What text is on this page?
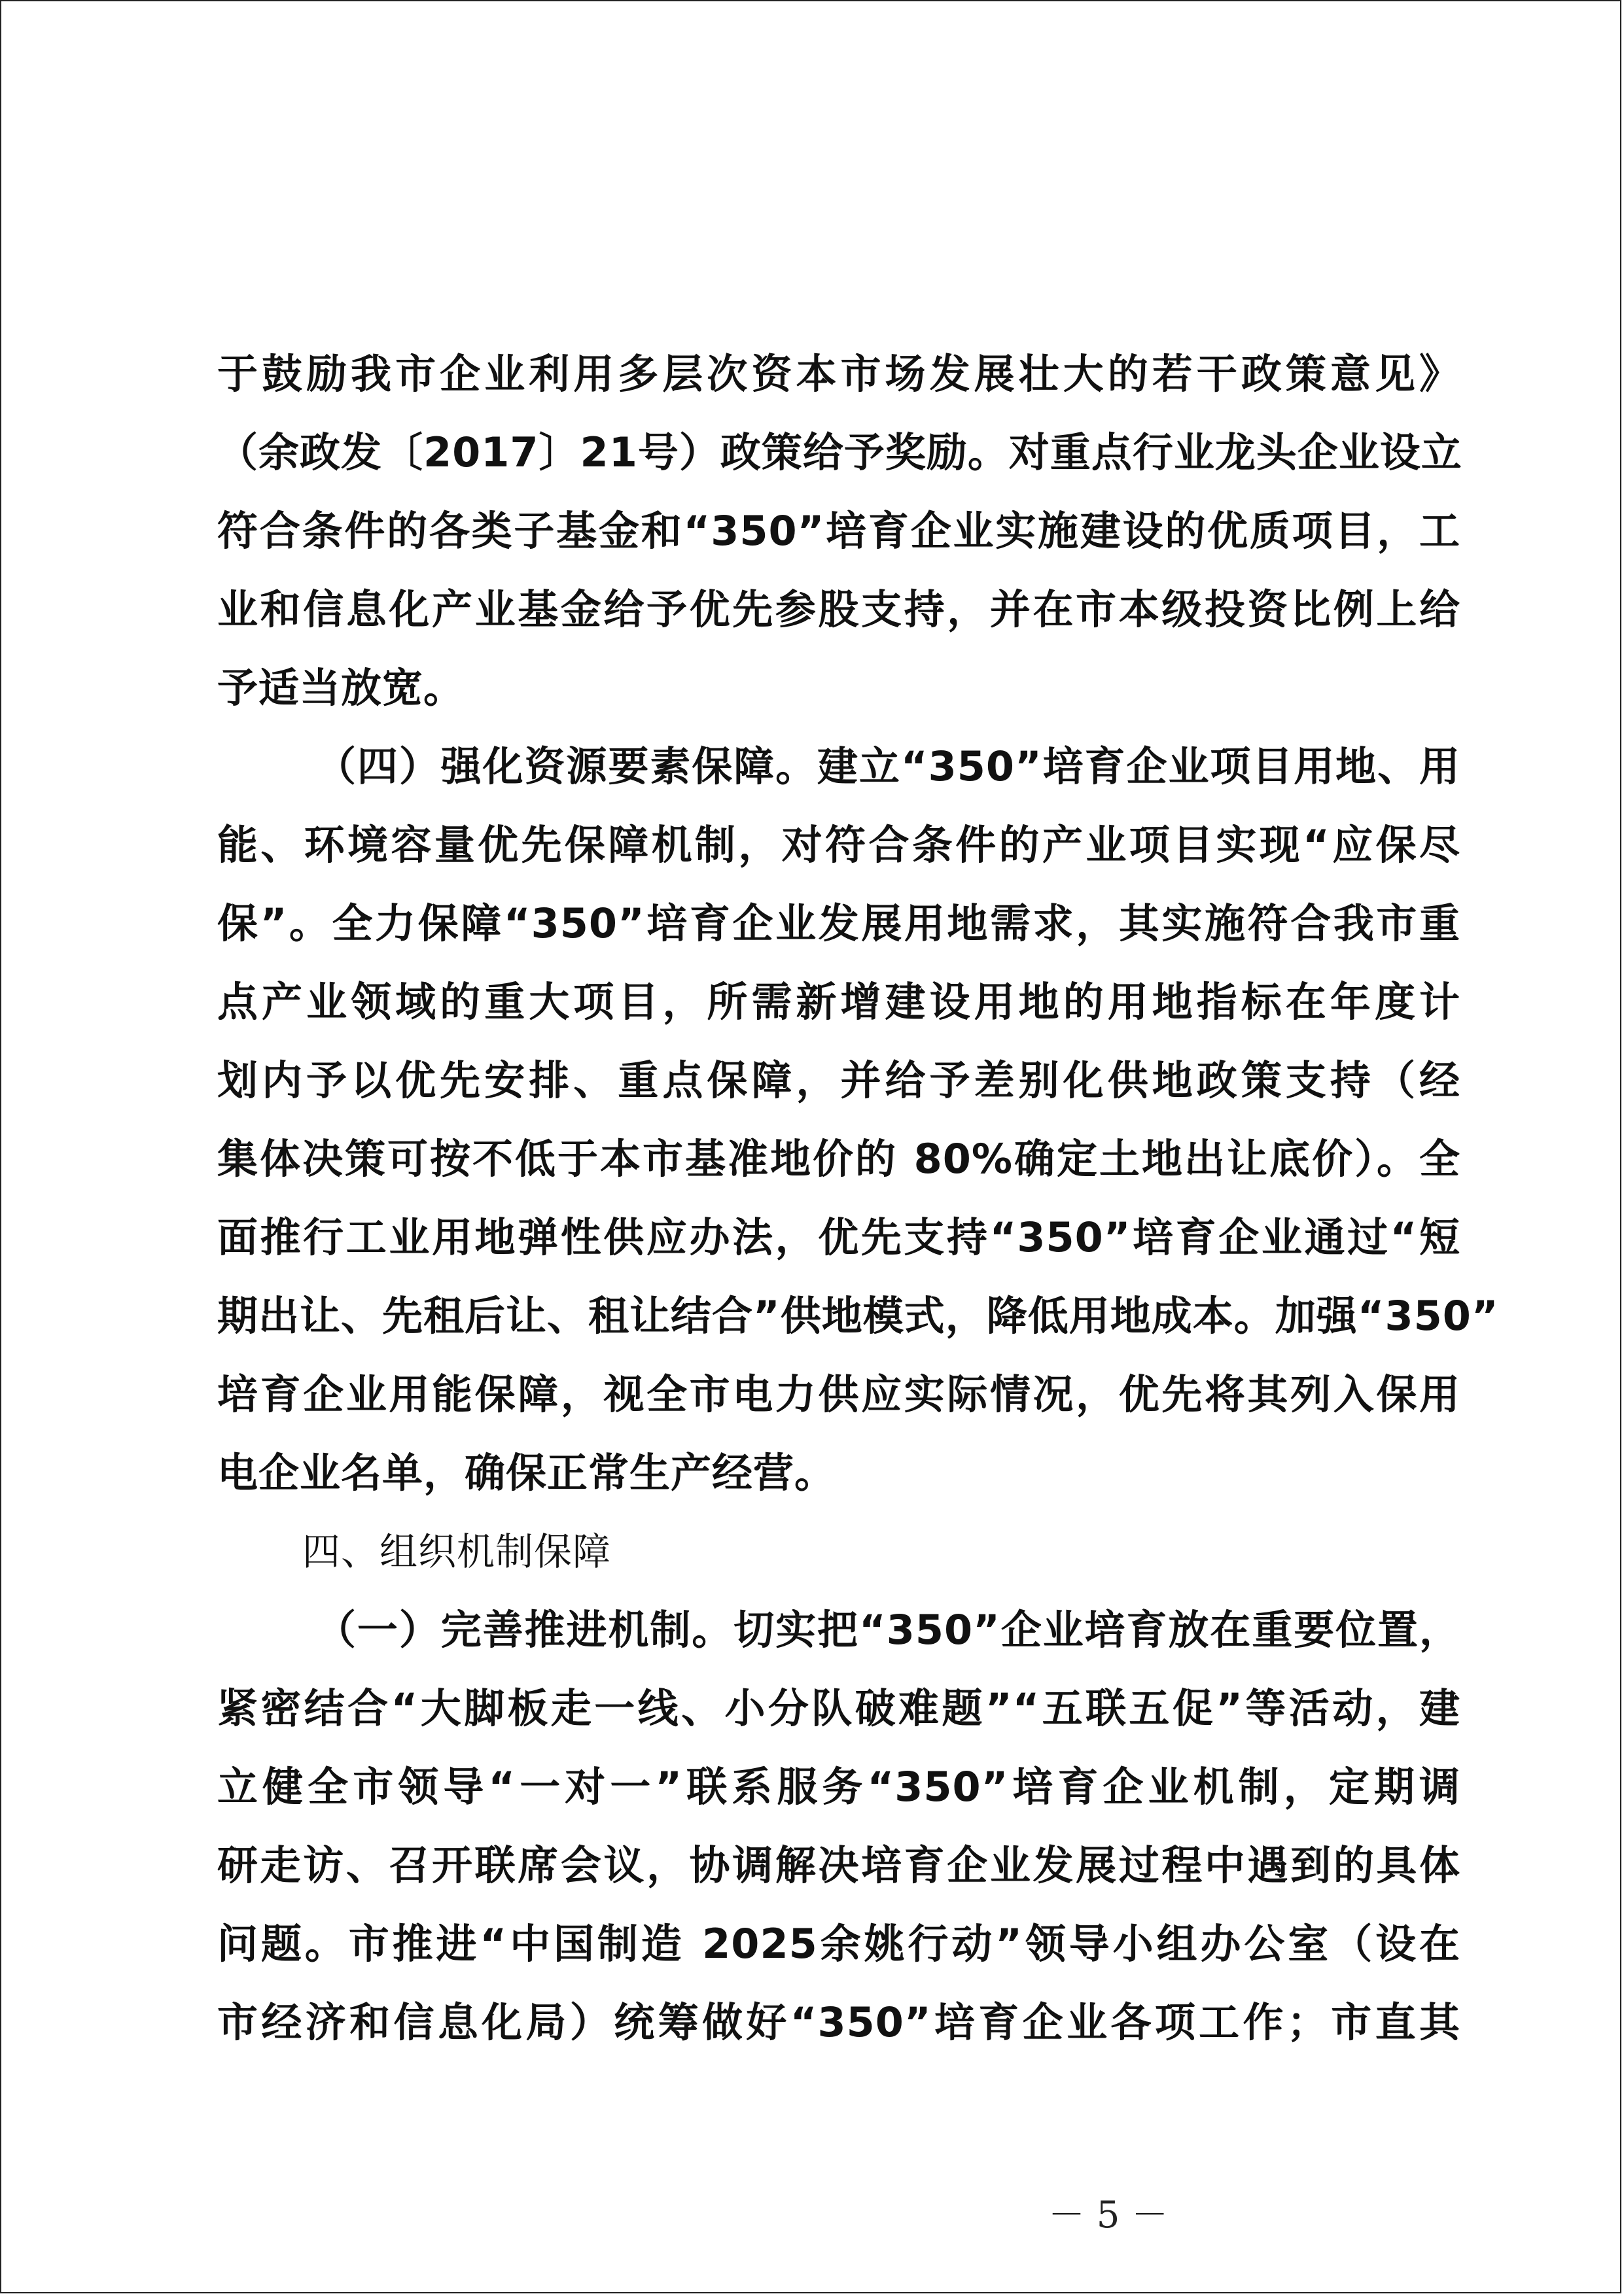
于鼓励我市企业利用多层次资本市场发展壮大的若干政策意见》
（余政发〔2017〕21号）政策给予奖励。对重点行业龙头企业设立
符合条件的各类子基金和“350”培育企业实施建设的优质项目，工
业和信息化产业基金给予优先参股支持，并在市本级投资比例上给
予适当放宽。
（四）强化资源要素保障。建立“350”培育企业项目用地、用
能、环境容量优先保障机制，对符合条件的产业项目实现“应保尽
保”。全力保障“350”培育企业发展用地需求，其实施符合我市重
点产业领域的重大项目，所需新增建设用地的用地指标在年度计
划内予以优先安排、重点保障，并给予差别化供地政策支持（经
集体决策可按不低于本市基准地价的 80%确定土地出让底价）。全
面推行工业用地弹性供应办法，优先支持“350”培育企业通过“短
期出让、先租后让、租让结合”供地模式，降低用地成本。加强“350”
培育企业用能保障，视全市电力供应实际情况，优先将其列入保用
电企业名单，确保正常生产经营。
四、组织机制保障
（一）完善推进机制。切实把“350”企业培育放在重要位置，
紧密结合“大脚板走一线、小分队破难题”“五联五促”等活动，建
立健全市领导“一对一”联系服务“350”培育企业机制，定期调
研走访、召开联席会议，协调解决培育企业发展过程中遇到的具体
问题。市推进“中国制造 2025余姚行动”领导小组办公室（设在
市经济和信息化局）统筹做好“350”培育企业各项工作；市直其
－ 5 －
